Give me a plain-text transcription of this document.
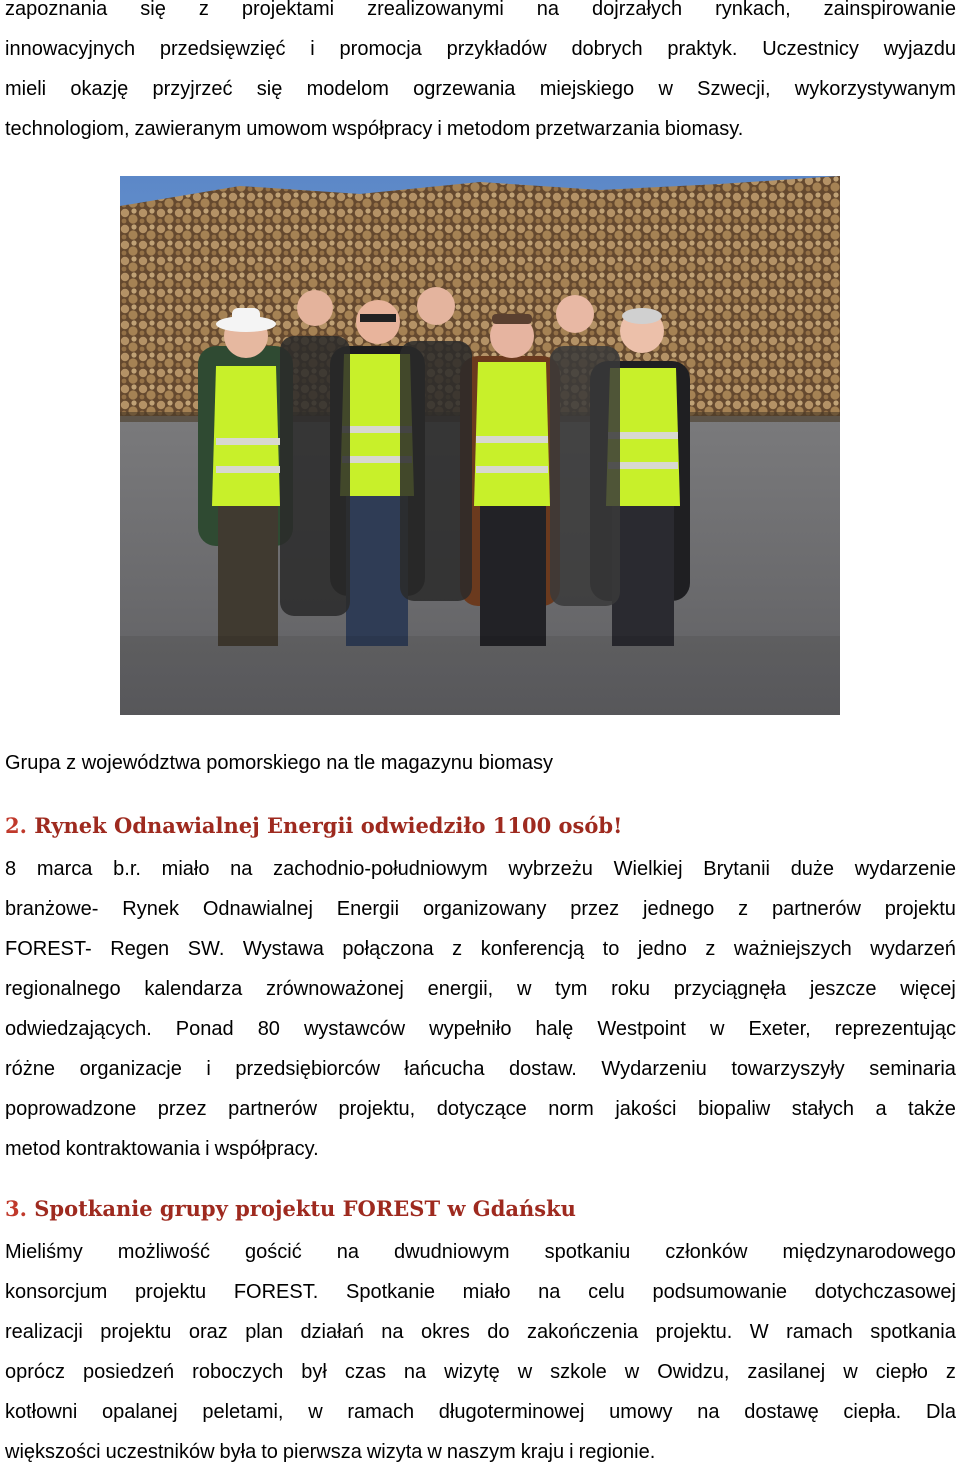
zapoznania się z projektami zrealizowanymi na dojrzałych rynkach, zainspirowanie
innowacyjnych przedsięwzięć i promocja przykładów dobrych praktyk. Uczestnicy wyjazdu
mieli okazję przyjrzeć się modelom ogrzewania miejskiego w Szwecji, wykorzystywanym
technologiom, zawieranym umowom współpracy i metodom przetwarzania biomasy.

Grupa z województwa pomorskiego na tle magazynu biomasy

2. Rynek Odnawialnej Energii odwiedziło 1100 osób!
8 marca b.r. miało na zachodnio-południowym wybrzeżu Wielkiej Brytanii duże wydarzenie
branżowe- Rynek Odnawialnej Energii organizowany przez jednego z partnerów projektu
FOREST- Regen SW. Wystawa połączona z konferencją to jedno z ważniejszych wydarzeń
regionalnego kalendarza zrównoważonej energii, w tym roku przyciągnęła jeszcze więcej
odwiedzających. Ponad 80 wystawców wypełniło halę Westpoint w Exeter, reprezentując
różne organizacje i przedsiębiorców łańcucha dostaw. Wydarzeniu towarzyszyły seminaria
poprowadzone przez partnerów projektu, dotyczące norm jakości biopaliw stałych a także
metod kontraktowania i współpracy.
3. Spotkanie grupy projektu FOREST w Gdańsku
Mieliśmy możliwość gościć na dwudniowym spotkaniu członków międzynarodowego
konsorcjum projektu FOREST. Spotkanie miało na celu podsumowanie dotychczasowej
realizacji projektu oraz plan działań na okres do zakończenia projektu. W ramach spotkania
oprócz posiedzeń roboczych był czas na wizytę w szkole w Owidzu, zasilanej w ciepło z
kotłowni opalanej peletami, w ramach długoterminowej umowy na dostawę ciepła. Dla
większości uczestników była to pierwsza wizyta w naszym kraju i regionie.
